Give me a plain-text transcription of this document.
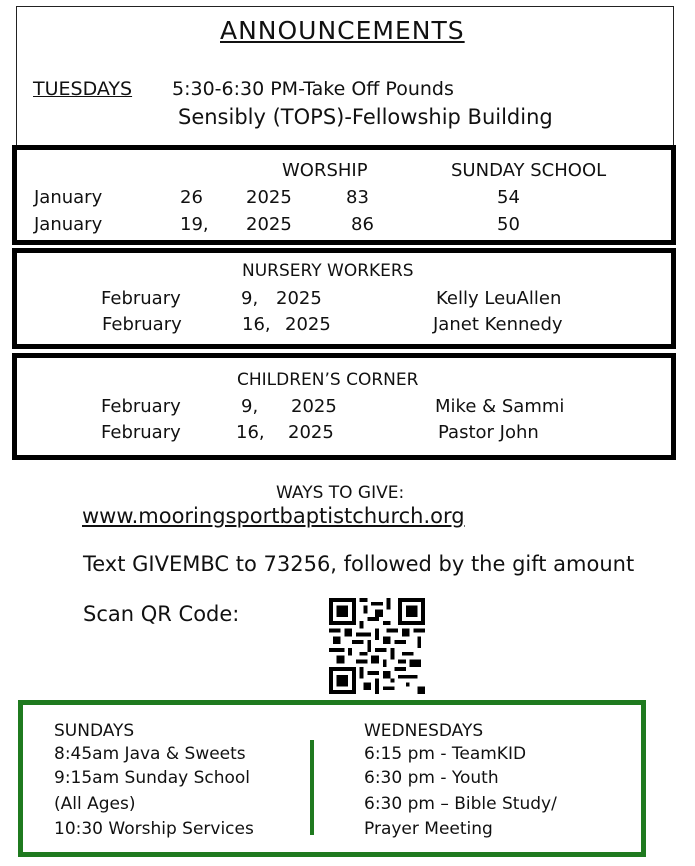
ANNOUNCEMENTS
TUESDAYS 5:30-6:30 PM-Take Off Pounds
Sensibly (TOPS)-Fellowship Building
WORSHIP	SUNDAY SCHOOL
January	26 2025	83	54
January	19, 2025	86	50
NURSERY WORKERS
February	9, 2025	Kelly LeuAllen
February	16, 2025	Janet Kennedy
CHILDREN’S CORNER
February	9, 2025	Mike & Sammi
February	16, 2025	Pastor John
WAYS TO GIVE:
www.mooringsportbaptistchurch.org
Text GIVEMBC to 73256, followed by the gift amount
Scan QR Code:
SUNDAYS
8:45am Java & Sweets
9:15am Sunday School
(All Ages)
10:30 Worship Services
WEDNESDAYS
6:15 pm - TeamKID
6:30 pm - Youth
6:30 pm – Bible Study/
Prayer Meeting
